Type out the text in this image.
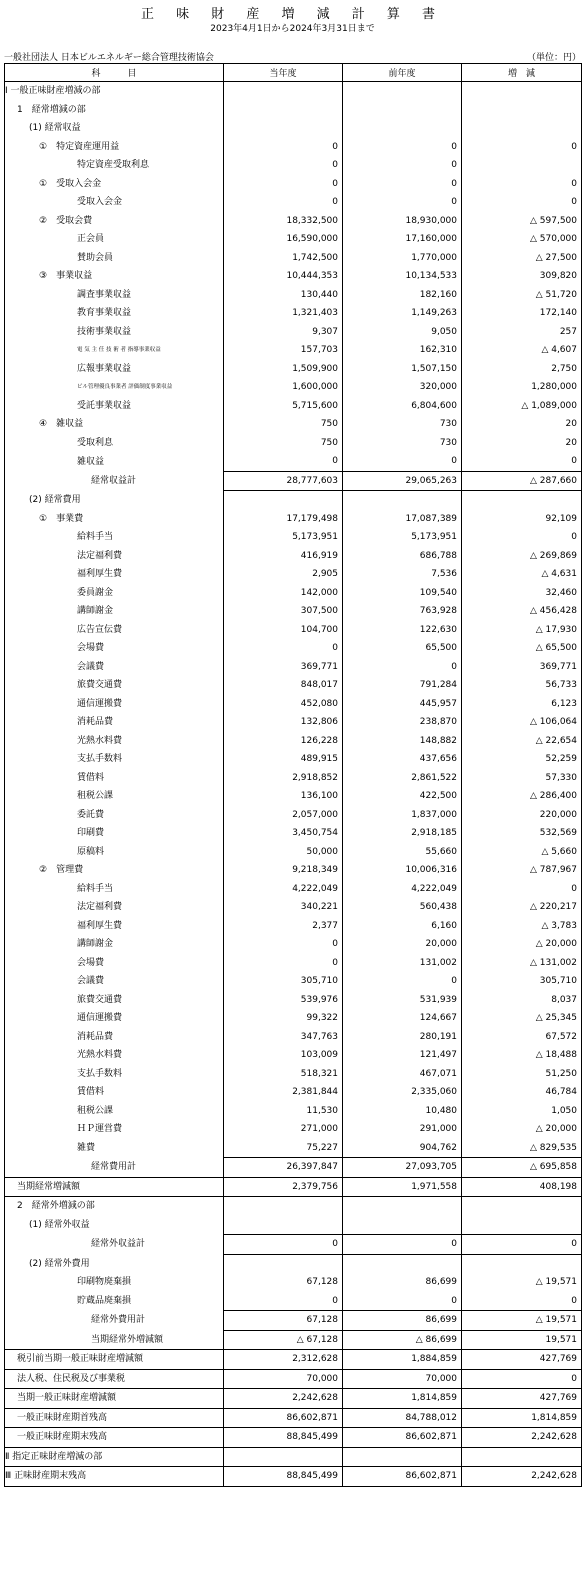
正 味 財 産 増 減 計 算 書
2023年4月1日から2024年3月31日まで
一般社団法人 日本ビルエネルギー総合管理技術協会	（単位：円）
科　　　目	当年度	前年度	増　減
Ⅰ 一般正味財産増減の部			
1　経常増減の部			
(1) 経常収益			
①　特定資産運用益	0	0	0
特定資産受取利息	0	0	
①　受取入会金	0	0	0
受取入会金	0	0	0
②　受取会費	18,332,500	18,930,000	△ 597,500
正会員	16,590,000	17,160,000	△ 570,000
賛助会員	1,742,500	1,770,000	△ 27,500
③　事業収益	10,444,353	10,134,533	309,820
調査事業収益	130,440	182,160	△ 51,720
教育事業収益	1,321,403	1,149,263	172,140
技術事業収益	9,307	9,050	257
電 気 主 任 技 術 者 指導事業収益	157,703	162,310	△ 4,607
広報事業収益	1,509,900	1,507,150	2,750
ビル管理優良事業者 評価制度事業収益	1,600,000	320,000	1,280,000
受託事業収益	5,715,600	6,804,600	△ 1,089,000
④　雑収益	750	730	20
受取利息	750	730	20
雑収益	0	0	0
経常収益計	28,777,603	29,065,263	△ 287,660
(2) 経常費用			
①　事業費	17,179,498	17,087,389	92,109
給料手当	5,173,951	5,173,951	0
法定福利費	416,919	686,788	△ 269,869
福利厚生費	2,905	7,536	△ 4,631
委員謝金	142,000	109,540	32,460
講師謝金	307,500	763,928	△ 456,428
広告宣伝費	104,700	122,630	△ 17,930
会場費	0	65,500	△ 65,500
会議費	369,771	0	369,771
旅費交通費	848,017	791,284	56,733
通信運搬費	452,080	445,957	6,123
消耗品費	132,806	238,870	△ 106,064
光熱水料費	126,228	148,882	△ 22,654
支払手数料	489,915	437,656	52,259
賃借料	2,918,852	2,861,522	57,330
租税公課	136,100	422,500	△ 286,400
委託費	2,057,000	1,837,000	220,000
印刷費	3,450,754	2,918,185	532,569
原稿料	50,000	55,660	△ 5,660
②　管理費	9,218,349	10,006,316	△ 787,967
給料手当	4,222,049	4,222,049	0
法定福利費	340,221	560,438	△ 220,217
福利厚生費	2,377	6,160	△ 3,783
講師謝金	0	20,000	△ 20,000
会場費	0	131,002	△ 131,002
会議費	305,710	0	305,710
旅費交通費	539,976	531,939	8,037
通信運搬費	99,322	124,667	△ 25,345
消耗品費	347,763	280,191	67,572
光熱水料費	103,009	121,497	△ 18,488
支払手数料	518,321	467,071	51,250
賃借料	2,381,844	2,335,060	46,784
租税公課	11,530	10,480	1,050
ＨＰ運営費	271,000	291,000	△ 20,000
雑費	75,227	904,762	△ 829,535
経常費用計	26,397,847	27,093,705	△ 695,858
当期経常増減額	2,379,756	1,971,558	408,198
2　経常外増減の部			
(1) 経常外収益			
経常外収益計	0	0	0
(2) 経常外費用			
印刷物廃棄損	67,128	86,699	△ 19,571
貯蔵品廃棄損	0	0	0
経常外費用計	67,128	86,699	△ 19,571
当期経常外増減額	△ 67,128	△ 86,699	19,571
税引前当期一般正味財産増減額	2,312,628	1,884,859	427,769
法人税、住民税及び事業税	70,000	70,000	0
当期一般正味財産増減額	2,242,628	1,814,859	427,769
一般正味財産期首残高	86,602,871	84,788,012	1,814,859
一般正味財産期末残高	88,845,499	86,602,871	2,242,628
Ⅱ 指定正味財産増減の部			
Ⅲ 正味財産期末残高	88,845,499	86,602,871	2,242,628
